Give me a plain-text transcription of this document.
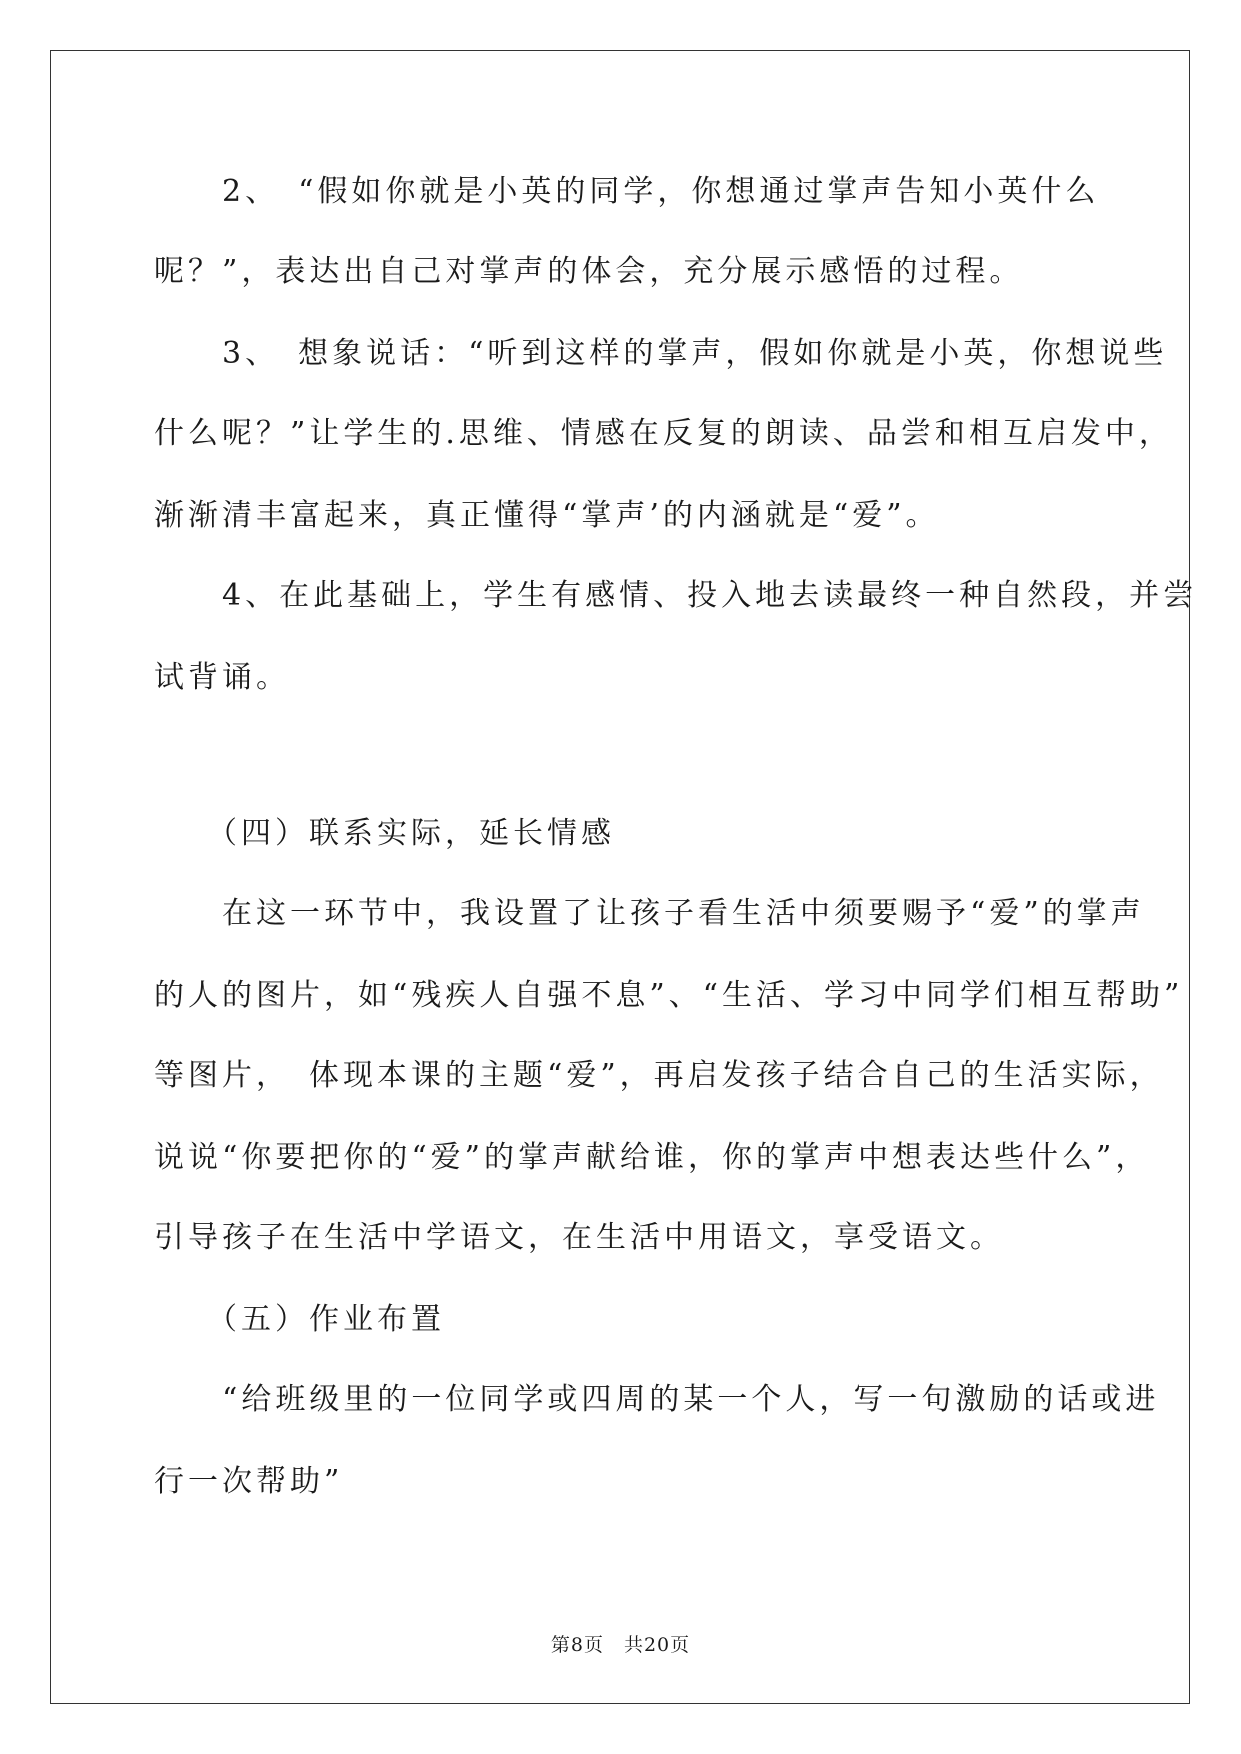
　　2、　“假如你就是小英的同学，你想通过掌声告知小英什么
呢？”，表达出自己对掌声的体会，充分展示感悟的过程。
　　3、　想象说话：“听到这样的掌声，假如你就是小英，你想说些
什么呢？”让学生的.思维、情感在反复的朗读、品尝和相互启发中，
渐渐清丰富起来，真正懂得“掌声’的内涵就是“爱”。
　　4、在此基础上，学生有感情、投入地去读最终一种自然段，并尝
试背诵。
　　（四）联系实际，延长情感
　　在这一环节中，我设置了让孩子看生活中须要赐予“爱”的掌声
的人的图片，如“残疾人自强不息”、“生活、学习中同学们相互帮助”
等图片，　体现本课的主题“爱”，再启发孩子结合自己的生活实际，
说说“你要把你的“爱”的掌声献给谁，你的掌声中想表达些什么”，
引导孩子在生活中学语文，在生活中用语文，享受语文。
　　（五）作业布置
　　“给班级里的一位同学或四周的某一个人，写一句激励的话或进
行一次帮助”
第8页　共20页
